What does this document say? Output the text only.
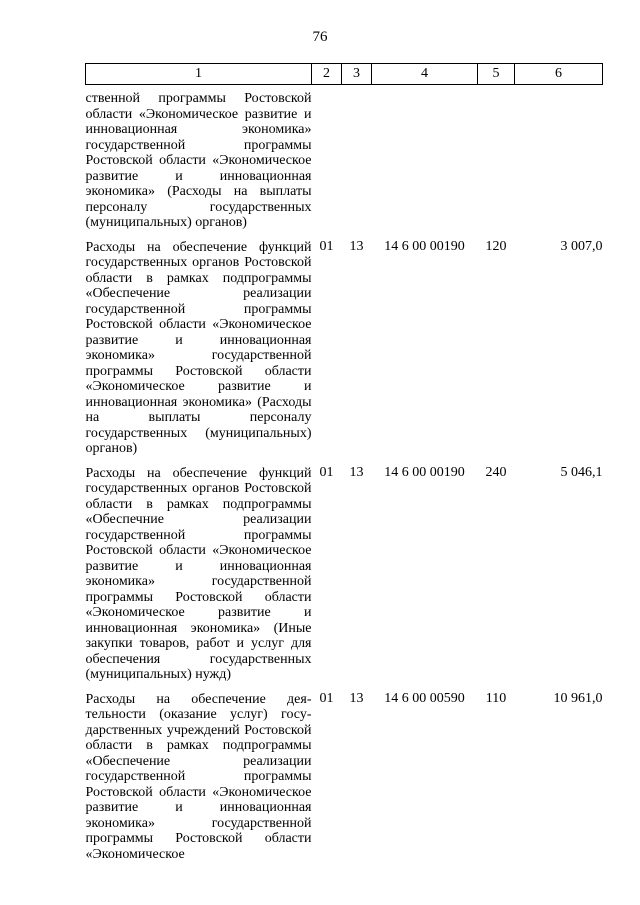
76
1	2	3	4	5	6
ственной программы Ростовской области «Экономическое развитие и инновационная экономика» государственной программы Ростовской области «Экономическое развитие и инновационная экономика» (Расходы на выплаты персоналу государственных (муниципальных) органов)					
Расходы на обеспечение функций государственных органов Ростовской области в рамках подпрограммы «Обеспечение реализации государственной программы Ростовской области «Экономическое развитие и инновационная экономика» государственной программы Ростовской области «Экономическое развитие и инновационная экономика» (Расходы на выплаты персоналу государственных (муниципальных) органов)	01	13	14 6 00 00190	120	3 007,0
Расходы на обеспечение функций государственных органов Ростовской области в рамках подпрограммы «Обеспечние реализации государственной программы Ростовской области «Экономическое развитие и инновационная экономика» государственной программы Ростовской области «Экономическое развитие и инновационная экономика» (Иные закупки товаров, работ и услуг для обеспечения государственных (муниципальных) нужд)	01	13	14 6 00 00190	240	5 046,1
Расходы на обеспечение деятельности (оказание услуг) государственных учреждений Ростовской области в рамках подпрограммы «Обеспечение реализации государственной программы Ростовской области «Экономическое развитие и инновационная экономика» государственной программы Ростовской области «Экономическое	01	13	14 6 00 00590	110	10 961,0
